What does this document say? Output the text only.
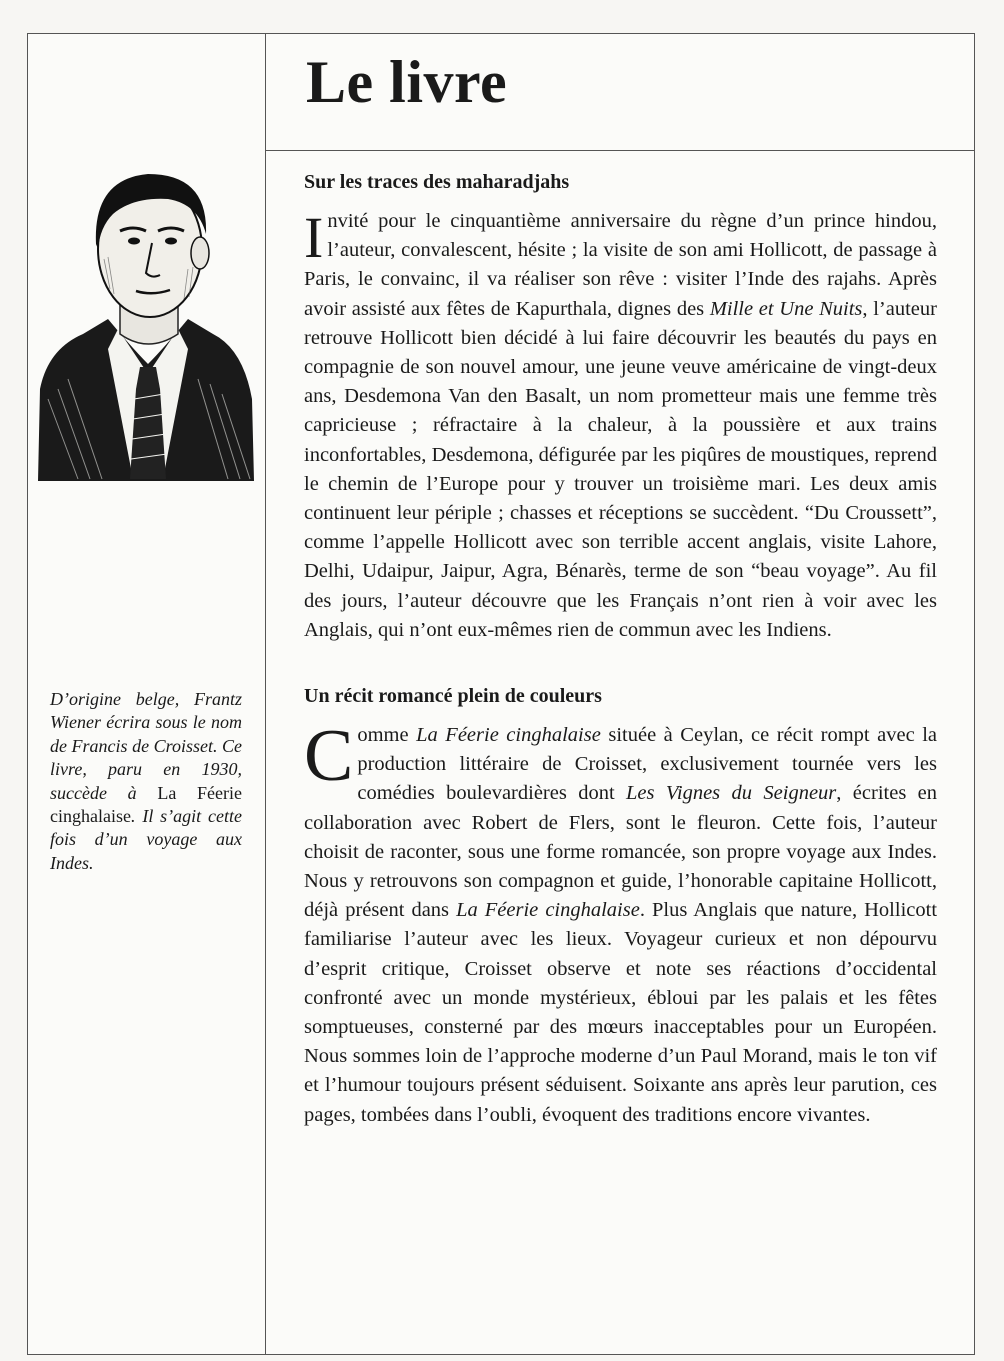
Le livre

D’origine belge, Frantz Wiener écrira sous le nom de Francis de Croisset. Ce livre, paru en 1930, succède à La Féerie cinghalaise. Il s’agit cette fois d’un voyage aux Indes.

Sur les traces des maharadjahs

Invité pour le cinquantième anniversaire du règne d’un prince hindou, l’auteur, convalescent, hésite ; la visite de son ami Hollicott, de passage à Paris, le convainc, il va réaliser son rêve : visiter l’Inde des rajahs. Après avoir assisté aux fêtes de Kapurthala, dignes des Mille et Une Nuits, l’auteur retrouve Hollicott bien décidé à lui faire découvrir les beautés du pays en compagnie de son nouvel amour, une jeune veuve américaine de vingt-deux ans, Desdemona Van den Basalt, un nom prometteur mais une femme très capricieuse ; réfractaire à la chaleur, à la poussière et aux trains inconfortables, Desdemona, défigurée par les piqûres de moustiques, reprend le chemin de l’Europe pour y trouver un troisième mari. Les deux amis continuent leur périple ; chasses et réceptions se succèdent. “Du Croussett”, comme l’appelle Hollicott avec son terrible accent anglais, visite Lahore, Delhi, Udaipur, Jaipur, Agra, Bénarès, terme de son “beau voyage”. Au fil des jours, l’auteur découvre que les Français n’ont rien à voir avec les Anglais, qui n’ont eux-mêmes rien de commun avec les Indiens.

Un récit romancé plein de couleurs

Comme La Féerie cinghalaise située à Ceylan, ce récit rompt avec la production littéraire de Croisset, exclusivement tournée vers les comédies boulevardières dont Les Vignes du Seigneur, écrites en collaboration avec Robert de Flers, sont le fleuron. Cette fois, l’auteur choisit de raconter, sous une forme romancée, son propre voyage aux Indes. Nous y retrouvons son compagnon et guide, l’honorable capitaine Hollicott, déjà présent dans La Féerie cinghalaise. Plus Anglais que nature, Hollicott familiarise l’auteur avec les lieux. Voyageur curieux et non dépourvu d’esprit critique, Croisset observe et note ses réactions d’occidental confronté avec un monde mystérieux, ébloui par les palais et les fêtes somptueuses, consterné par des mœurs inacceptables pour un Européen. Nous sommes loin de l’approche moderne d’un Paul Morand, mais le ton vif et l’humour toujours présent séduisent. Soixante ans après leur parution, ces pages, tombées dans l’oubli, évoquent des traditions encore vivantes.
